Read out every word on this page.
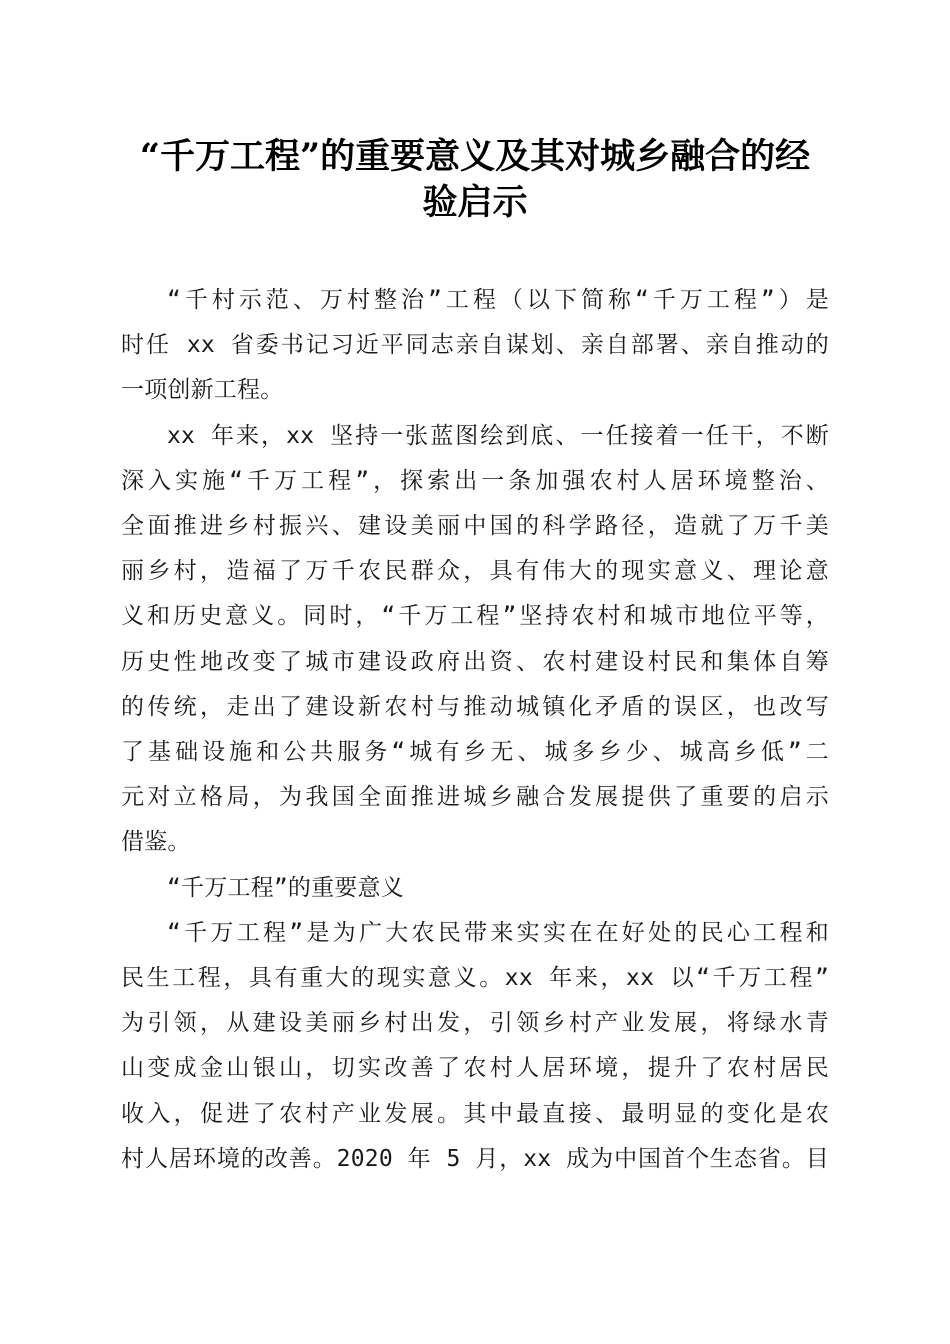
“千万工程”的重要意义及其对城乡融合的经
验启示

“千村示范、万村整治”工程（以下简称“千万工程”）是
时任 xx 省委书记习近平同志亲自谋划、亲自部署、亲自推动的
一项创新工程。

xx 年来，xx 坚持一张蓝图绘到底、一任接着一任干，不断
深入实施“千万工程”，探索出一条加强农村人居环境整治、
全面推进乡村振兴、建设美丽中国的科学路径，造就了万千美
丽乡村，造福了万千农民群众，具有伟大的现实意义、理论意
义和历史意义。同时，“千万工程”坚持农村和城市地位平等，
历史性地改变了城市建设政府出资、农村建设村民和集体自筹
的传统，走出了建设新农村与推动城镇化矛盾的误区，也改写
了基础设施和公共服务“城有乡无、城多乡少、城高乡低”二
元对立格局，为我国全面推进城乡融合发展提供了重要的启示
借鉴。

“千万工程”的重要意义

“千万工程”是为广大农民带来实实在在好处的民心工程和
民生工程，具有重大的现实意义。xx 年来，xx 以“千万工程”
为引领，从建设美丽乡村出发，引领乡村产业发展，将绿水青
山变成金山银山，切实改善了农村人居环境，提升了农村居民
收入，促进了农村产业发展。其中最直接、最明显的变化是农
村人居环境的改善。2020 年 5 月，xx 成为中国首个生态省。目
